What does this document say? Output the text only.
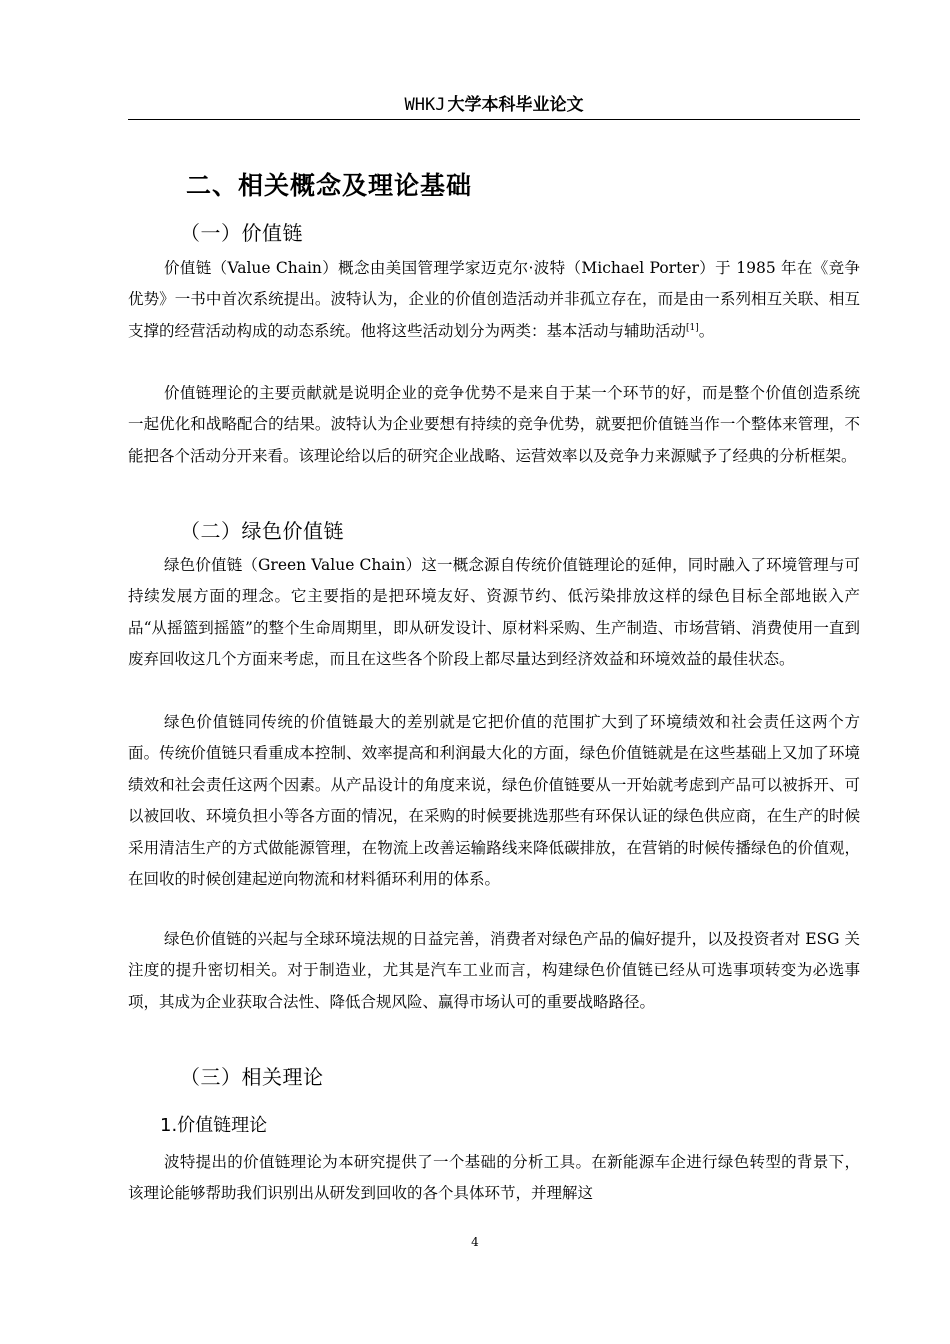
WHKJ 大学本科毕业论文
二、相关概念及理论基础
（一）价值链
价值链（Value Chain）概念由美国管理学家迈克尔·波特（Michael Porter）于 1985 年在《竞争优势》一书中首次系统提出。波特认为，企业的价值创造活动并非孤立存在，而是由一系列相互关联、相互支撑的经营活动构成的动态系统。他将这些活动划分为两类：基本活动与辅助活动[1]。
价值链理论的主要贡献就是说明企业的竞争优势不是来自于某一个环节的好，而是整个价值创造系统一起优化和战略配合的结果。波特认为企业要想有持续的竞争优势，就要把价值链当作一个整体来管理，不能把各个活动分开来看。该理论给以后的研究企业战略、运营效率以及竞争力来源赋予了经典的分析框架。
（二）绿色价值链
绿色价值链（Green Value Chain）这一概念源自传统价值链理论的延伸，同时融入了环境管理与可持续发展方面的理念。它主要指的是把环境友好、资源节约、低污染排放这样的绿色目标全部地嵌入产品“从摇篮到摇篮”的整个生命周期里，即从研发设计、原材料采购、生产制造、市场营销、消费使用一直到废弃回收这几个方面来考虑，而且在这些各个阶段上都尽量达到经济效益和环境效益的最佳状态。
绿色价值链同传统的价值链最大的差别就是它把价值的范围扩大到了环境绩效和社会责任这两个方面。传统价值链只看重成本控制、效率提高和利润最大化的方面，绿色价值链就是在这些基础上又加了环境绩效和社会责任这两个因素。从产品设计的角度来说，绿色价值链要从一开始就考虑到产品可以被拆开、可以被回收、环境负担小等各方面的情况，在采购的时候要挑选那些有环保认证的绿色供应商，在生产的时候采用清洁生产的方式做能源管理，在物流上改善运输路线来降低碳排放，在营销的时候传播绿色的价值观，在回收的时候创建起逆向物流和材料循环利用的体系。
绿色价值链的兴起与全球环境法规的日益完善，消费者对绿色产品的偏好提升，以及投资者对 ESG 关注度的提升密切相关。对于制造业，尤其是汽车工业而言，构建绿色价值链已经从可选事项转变为必选事项，其成为企业获取合法性、降低合规风险、赢得市场认可的重要战略路径。
（三）相关理论
1.价值链理论
波特提出的价值链理论为本研究提供了一个基础的分析工具。在新能源车企进行绿色转型的背景下，该理论能够帮助我们识别出从研发到回收的各个具体环节，并理解这
4
